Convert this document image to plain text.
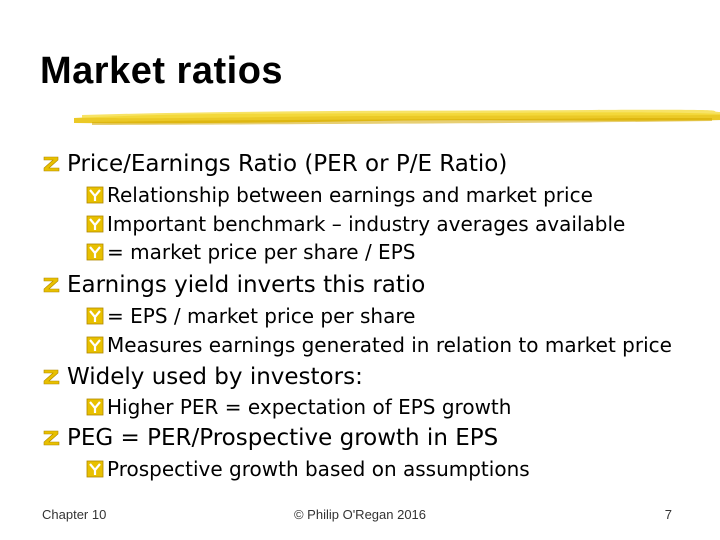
Market ratios
Price/Earnings Ratio (PER or P/E Ratio)
Relationship between earnings and market price
Important benchmark – industry averages available
= market price per share / EPS
Earnings yield inverts this ratio
= EPS / market price per share
Measures earnings generated in relation to market price
Widely used by investors:
Higher PER = expectation of EPS growth
PEG = PER/Prospective growth in EPS
Prospective growth based on assumptions
Chapter 10	© Philip O'Regan 2016	7
